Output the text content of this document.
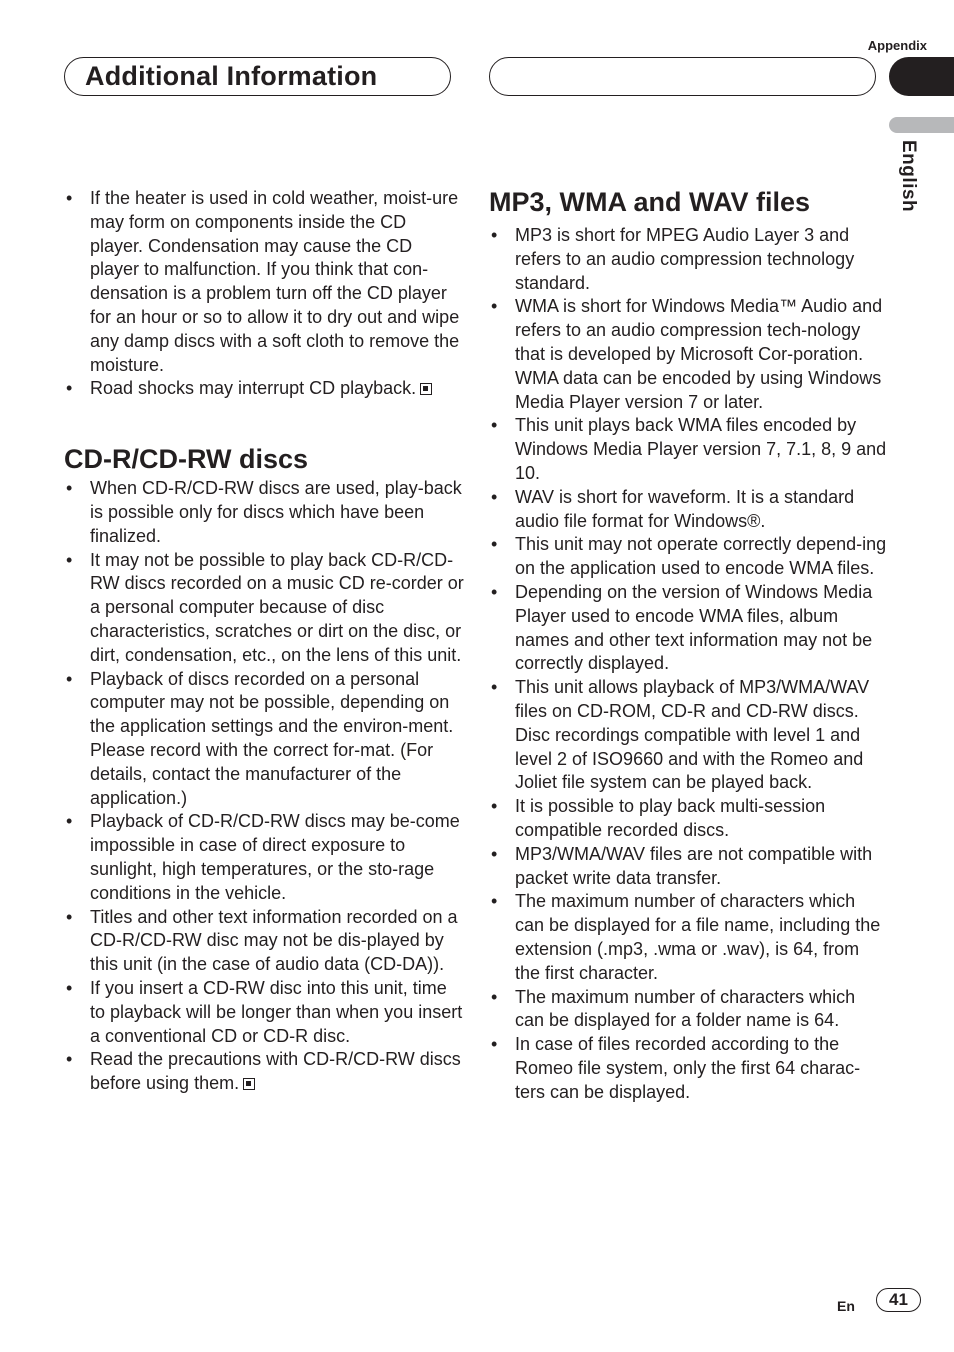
Appendix
Additional Information
English
• If the heater is used in cold weather, moist-ure may form on components inside the CD player. Condensation may cause the CD player to malfunction. If you think that con-densation is a problem turn off the CD player for an hour or so to allow it to dry out and wipe any damp discs with a soft cloth to remove the moisture.
• Road shocks may interrupt CD playback.
CD-R/CD-RW discs
• When CD-R/CD-RW discs are used, play-back is possible only for discs which have been finalized.
• It may not be possible to play back CD-R/CD-RW discs recorded on a music CD re-corder or a personal computer because of disc characteristics, scratches or dirt on the disc, or dirt, condensation, etc., on the lens of this unit.
• Playback of discs recorded on a personal computer may not be possible, depending on the application settings and the environ-ment. Please record with the correct for-mat. (For details, contact the manufacturer of the application.)
• Playback of CD-R/CD-RW discs may be-come impossible in case of direct exposure to sunlight, high temperatures, or the sto-rage conditions in the vehicle.
• Titles and other text information recorded on a CD-R/CD-RW disc may not be dis-played by this unit (in the case of audio data (CD-DA)).
• If you insert a CD-RW disc into this unit, time to playback will be longer than when you insert a conventional CD or CD-R disc.
• Read the precautions with CD-R/CD-RW discs before using them.
MP3, WMA and WAV files
• MP3 is short for MPEG Audio Layer 3 and refers to an audio compression technology standard.
• WMA is short for Windows Media™ Audio and refers to an audio compression tech-nology that is developed by Microsoft Cor-poration. WMA data can be encoded by using Windows Media Player version 7 or later.
• This unit plays back WMA files encoded by Windows Media Player version 7, 7.1, 8, 9 and 10.
• WAV is short for waveform. It is a standard audio file format for Windows®.
• This unit may not operate correctly depend-ing on the application used to encode WMA files.
• Depending on the version of Windows Media Player used to encode WMA files, album names and other text information may not be correctly displayed.
• This unit allows playback of MP3/WMA/WAV files on CD-ROM, CD-R and CD-RW discs. Disc recordings compatible with level 1 and level 2 of ISO9660 and with the Romeo and Joliet file system can be played back.
• It is possible to play back multi-session compatible recorded discs.
• MP3/WMA/WAV files are not compatible with packet write data transfer.
• The maximum number of characters which can be displayed for a file name, including the extension (.mp3, .wma or .wav), is 64, from the first character.
• The maximum number of characters which can be displayed for a folder name is 64.
• In case of files recorded according to the Romeo file system, only the first 64 charac-ters can be displayed.
En	41
